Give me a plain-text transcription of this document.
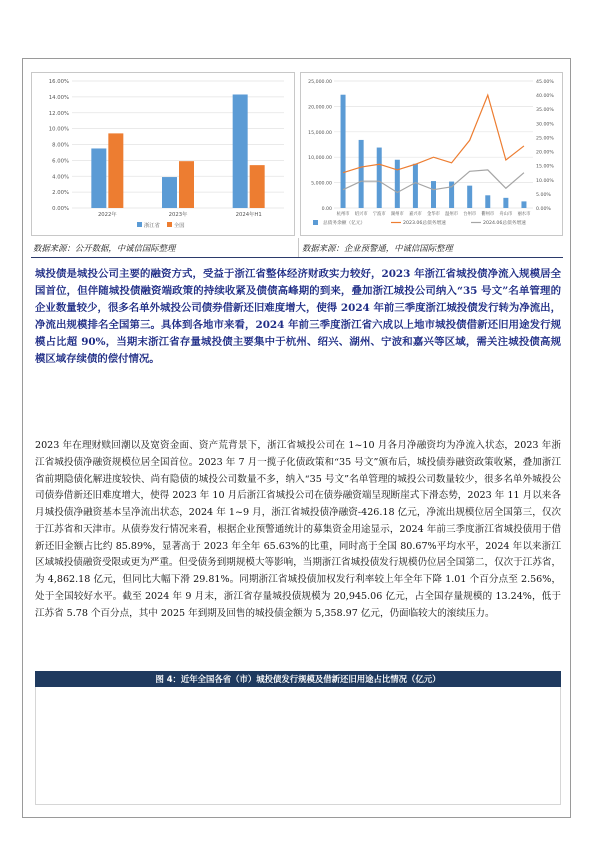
0.00%
2.00%
4.00%
6.00%
8.00%
10.00%
12.00%
14.00%
16.00%
2022年	2023年	2024年H1
浙江省	全国
0.00
5,000.00
10,000.00
15,000.00
20,000.00
25,000.00
0.00%
5.00%
10.00%
15.00%
20.00%
25.00%
30.00%
35.00%
40.00%
45.00%
杭州市 绍兴市 宁波市 湖州市 嘉兴市 金华市 温州市 台州市 衢州市 舟山市 丽水市
总债务余额（亿元）	2023.06总债务增速	2024.06总债务增速
数据来源：公开数据，中诚信国际整理	数据来源：企业预警通，中诚信国际整理
城投债是城投公司主要的融资方式，受益于浙江省整体经济财政实力较好，2023 年浙江省城投债净流入规模居全国首位，但伴随城投债融资端政策的持续收紧及债债高峰期的到来，叠加浙江城投公司纳入“35 号文”名单管理的企业数量较少，很多名单外城投公司债券借新还旧难度增大，使得 2024 年前三季度浙江城投债发行转为净流出，净流出规模排名全国第三。具体到各地市来看，2024 年前三季度浙江省六成以上地市城投债借新还旧用途发行规模占比超 90%，当期末浙江省存量城投债主要集中于杭州、绍兴、湖州、宁波和嘉兴等区域，需关注城投债高规模区域存续债的偿付情况。
2023 年在理财赎回潮以及宽资金面、资产荒背景下，浙江省城投公司在 1~10 月各月净融资均为净流入状态，2023 年浙江省城投债净融资规模位居全国首位。2023 年 7 月一揽子化债政策和“35 号文”颁布后，城投债券融资政策收紧，叠加浙江省前期隐债化解进度较快、尚有隐债的城投公司数量不多，纳入“35 号文”名单管理的城投公司数量较少，很多名单外城投公司债券借新还旧难度增大，使得 2023 年 10 月后浙江省城投公司在债券融资端呈现断崖式下滑态势，2023 年 11 月以来各月城投债净融资基本呈净流出状态，2024 年 1~9 月，浙江省城投债净融资-426.18 亿元，净流出规模位居全国第三，仅次于江苏省和天津市。从债券发行情况来看，根据企业预警通统计的募集资金用途显示，2024 年前三季度浙江省城投债用于借新还旧金额占比约 85.89%，显著高于 2023 年全年 65.63%的比重，同时高于全国 80.67%平均水平，2024 年以来浙江区域城投债融资受限或更为严重。但受债务到期规模大等影响，当期浙江省城投债发行规模仍位居全国第二，仅次于江苏省，为 4,862.18 亿元，但同比大幅下滑 29.81%。同期浙江省城投债加权发行利率较上年全年下降 1.01 个百分点至 2.56%，处于全国较好水平。截至 2024 年 9 月末，浙江省存量城投债规模为 20,945.06 亿元，占全国存量规模的 13.24%，低于江苏省 5.78 个百分点，其中 2025 年到期及回售的城投债金额为 5,358.97 亿元，仍面临较大的滚续压力。
图 4：近年全国各省（市）城投债发行规模及借新还旧用途占比情况（亿元）
